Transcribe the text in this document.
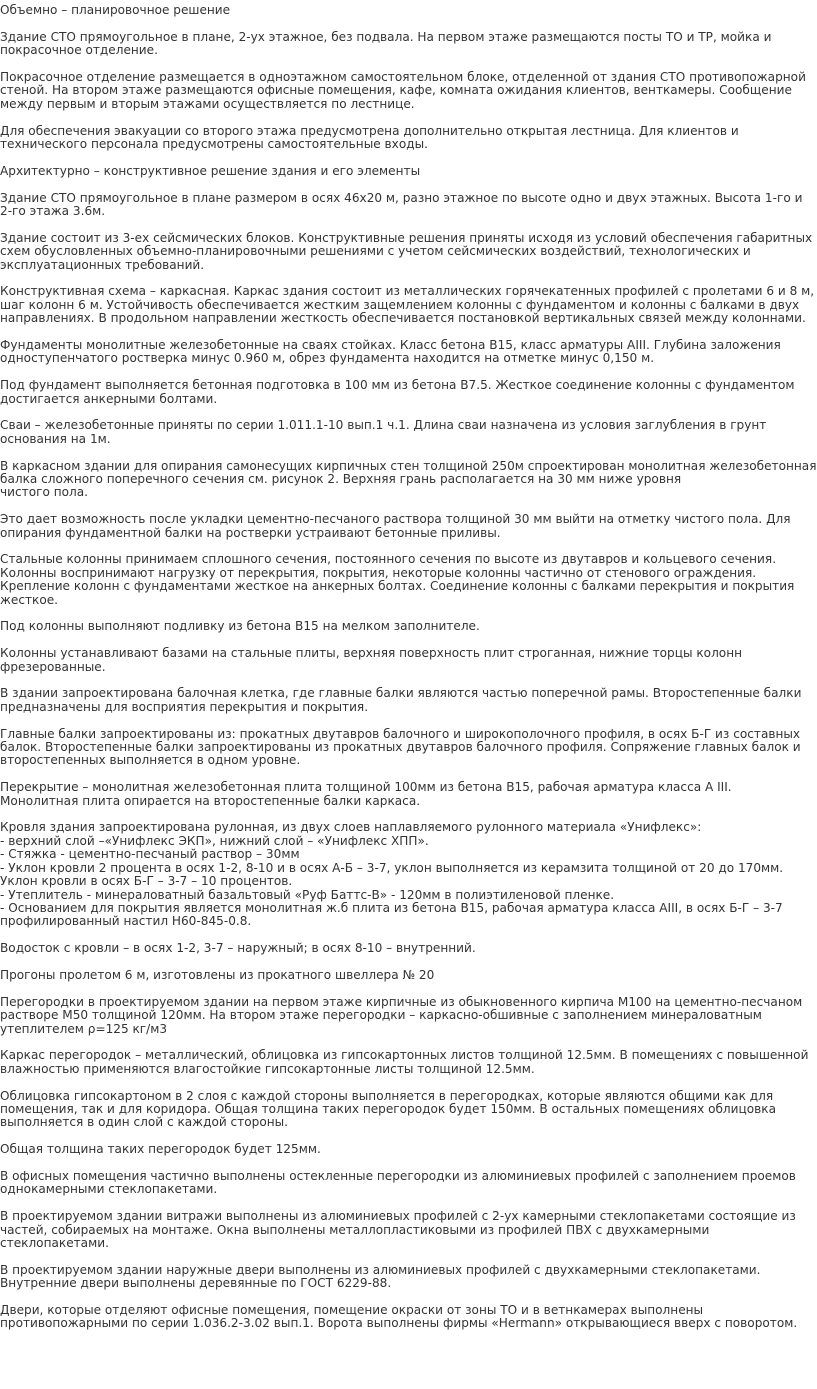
Объемно – планировочное решение

Здание СТО прямоугольное в плане, 2-ух этажное, без подвала. На первом этаже размещаются посты ТО и ТР, мойка и
покрасочное отделение.

Покрасочное отделение размещается в одноэтажном самостоятельном блоке, отделенной от здания СТО противопожарной
стеной. На втором этаже размещаются офисные помещения, кафе, комната ожидания клиентов, венткамеры. Сообщение
между первым и вторым этажами осуществляется по лестнице.

Для обеспечения эвакуации со второго этажа предусмотрена дополнительно открытая лестница. Для клиентов и
технического персонала предусмотрены самостоятельные входы.

Архитектурно – конструктивное решение здания и его элементы

Здание СТО прямоугольное в плане размером в осях 46х20 м, разно этажное по высоте одно и двух этажных. Высота 1-го и
2-го этажа 3.6м.

Здание состоит из 3-ех сейсмических блоков. Конструктивные решения приняты исходя из условий обеспечения габаритных
схем обусловленных объемно-планировочными решениями с учетом сейсмических воздействий, технологических и
эксплуатационных требований.

Конструктивная схема – каркасная. Каркас здания состоит из металлических горячекатенных профилей с пролетами 6 и 8 м,
шаг колонн 6 м. Устойчивость обеспечивается жестким защемлением колонны с фундаментом и колонны с балками в двух
направлениях. В продольном направлении жесткость обеспечивается постановкой вертикальных связей между колоннами.

Фундаменты монолитные железобетонные на сваях стойках. Класс бетона В15, класс арматуры AIII. Глубина заложения
одноступенчатого ростверка минус 0.960 м, обрез фундамента находится на отметке минус 0,150 м.

Под фундамент выполняется бетонная подготовка в 100 мм из бетона В7.5. Жесткое соединение колонны с фундаментом
достигается анкерными болтами.

Сваи – железобетонные приняты по серии 1.011.1-10 вып.1 ч.1. Длина сваи назначена из условия заглубления в грунт
основания на 1м.

В каркасном здании для опирания самонесущих кирпичных стен толщиной 250м спроектирован монолитная железобетонная
балка сложного поперечного сечения см. рисунок 2. Верхняя грань располагается на 30 мм ниже уровня
чистого пола.

Это дает возможность после укладки цементно-песчаного раствора толщиной 30 мм выйти на отметку чистого пола. Для
опирания фундаментной балки на ростверки устраивают бетонные приливы.

Стальные колонны принимаем сплошного сечения, постоянного сечения по высоте из двутавров и кольцевого сечения.
Колонны воспринимают нагрузку от перекрытия, покрытия, некоторые колонны частично от стенового ограждения.
Крепление колонн с фундаментами жесткое на анкерных болтах. Соединение колонны с балками перекрытия и покрытия
жесткое.

Под колонны выполняют подливку из бетона В15 на мелком заполнителе.

Колонны устанавливают базами на стальные плиты, верхняя поверхность плит строганная, нижние торцы колонн
фрезерованные.

В здании запроектирована балочная клетка, где главные балки являются частью поперечной рамы. Второстепенные балки
предназначены для восприятия перекрытия и покрытия.

Главные балки запроектированы из: прокатных двутавров балочного и широкополочного профиля, в осях Б-Г из составных
балок. Второстепенные балки запроектированы из прокатных двутавров балочного профиля. Сопряжение главных балок и
второстепенных выполняется в одном уровне.

Перекрытие – монолитная железобетонная плита толщиной 100мм из бетона В15, рабочая арматура класса А III.
Монолитная плита опирается на второстепенные балки каркаса.

Кровля здания запроектирована рулонная, из двух слоев наплавляемого рулонного материала «Унифлекс»:
- верхний слой –«Унифлекс ЭКП», нижний слой – «Унифлекс ХПП».
- Стяжка - цементно-песчаный раствор – 30мм
- Уклон кровли 2 процента в осях 1-2, 8-10 и в осях А-Б – 3-7, уклон выполняется из керамзита толщиной от 20 до 170мм.
Уклон кровли в осях Б-Г – 3-7 – 10 процентов.
- Утеплитель - минераловатный базальтовый «Руф Баттс-В» - 120мм в полиэтиленовой пленке.
- Основанием для покрытия является монолитная ж.б плита из бетона В15, рабочая арматура класса AIII, в осях Б-Г – 3-7
профилированный настил Н60-845-0.8.

Водосток с кровли – в осях 1-2, 3-7 – наружный; в осях 8-10 – внутренний.

Прогоны пролетом 6 м, изготовлены из прокатного швеллера № 20

Перегородки в проектируемом здании на первом этаже кирпичные из обыкновенного кирпича М100 на цементно-песчаном
растворе М50 толщиной 120мм. На втором этаже перегородки – каркасно-обшивные с заполнением минераловатным
утеплителем ρ=125 кг/м3

Каркас перегородок – металлический, облицовка из гипсокартонных листов толщиной 12.5мм. В помещениях с повышенной
влажностью применяются влагостойкие гипсокартонные листы толщиной 12.5мм.

Облицовка гипсокартоном в 2 слоя с каждой стороны выполняется в перегородках, которые являются общими как для
помещения, так и для коридора. Общая толщина таких перегородок будет 150мм. В остальных помещениях облицовка
выполняется в один слой с каждой стороны.

Общая толщина таких перегородок будет 125мм.

В офисных помещения частично выполнены остекленные перегородки из алюминиевых профилей с заполнением проемов
однокамерными стеклопакетами.

В проектируемом здании витражи выполнены из алюминиевых профилей с 2-ух камерными стеклопакетами состоящие из
частей, собираемых на монтаже. Окна выполнены металлопластиковыми из профилей ПВХ с двухкамерными
стеклопакетами.

В проектируемом здании наружные двери выполнены из алюминиевых профилей с двухкамерными стеклопакетами.
Внутренние двери выполнены деревянные по ГОСТ 6229-88.

Двери, которые отделяют офисные помещения, помещение окраски от зоны ТО и в ветнкамерах выполнены
противопожарными по серии 1.036.2-3.02 вып.1. Ворота выполнены фирмы «Hermann» открывающиеся вверх с поворотом.
